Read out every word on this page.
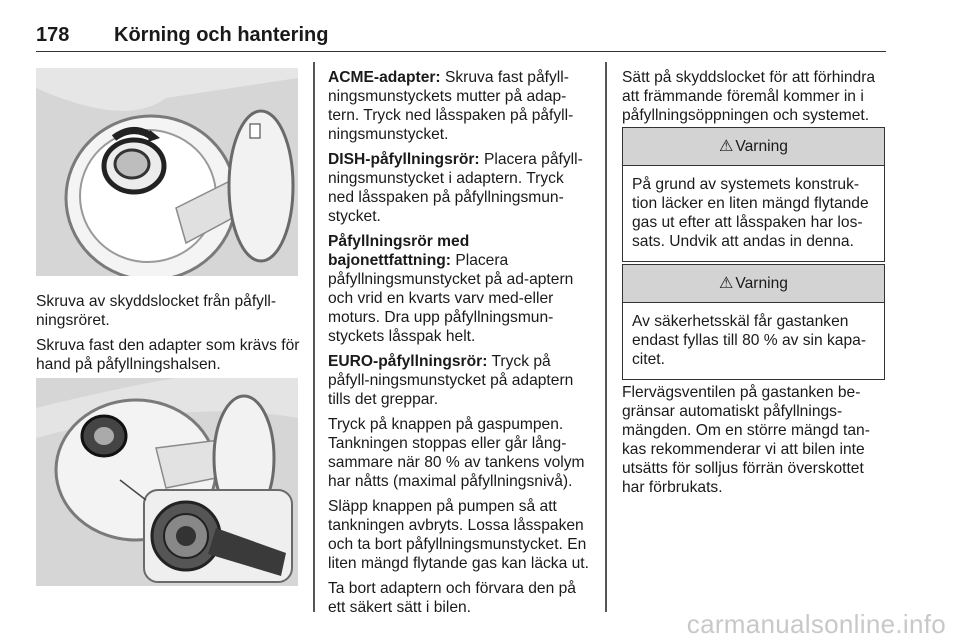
178 Körning och hantering

Skruva av skyddslocket från påfyll-ningsröret.

Skruva fast den adapter som krävs för hand på påfyllningshalsen.

ACME-adapter: Skruva fast påfyll-ningsmunstyckets mutter på adap-tern. Tryck ned låsspaken på påfyll-ningsmunstycket.

DISH-påfyllningsrör: Placera påfyll-ningsmunstycket i adaptern. Tryck ned låsspaken på påfyllningsmun-stycket.

Påfyllningsrör med bajonettfattning: Placera påfyllningsmunstycket på ad-aptern och vrid en kvarts varv med-eller moturs. Dra upp påfyllningsmun-styckets låsspak helt.

EURO-påfyllningsrör: Tryck på påfyll-ningsmunstycket på adaptern tills det greppar.

Tryck på knappen på gaspumpen. Tankningen stoppas eller går lång-sammare när 80 % av tankens volym har nåtts (maximal påfyllningsnivå).

Släpp knappen på pumpen så att tankningen avbryts. Lossa låsspaken och ta bort påfyllningsmunstycket. En liten mängd flytande gas kan läcka ut.

Ta bort adaptern och förvara den på ett säkert sätt i bilen.

Sätt på skyddslocket för att förhindra att främmande föremål kommer in i påfyllningsöppningen och systemet.

⚠ Varning
På grund av systemets konstruk-tion läcker en liten mängd flytande gas ut efter att låsspaken har los-sats. Undvik att andas in denna.
⚠ Varning
Av säkerhetsskäl får gastanken endast fyllas till 80 % av sin kapa-citet.

Flervägsventilen på gastanken be-gränsar automatiskt påfyllnings-mängden. Om en större mängd tan-kas rekommenderar vi att bilen inte utsätts för solljus förrän överskottet har förbrukats.

carmanualsonline.info
